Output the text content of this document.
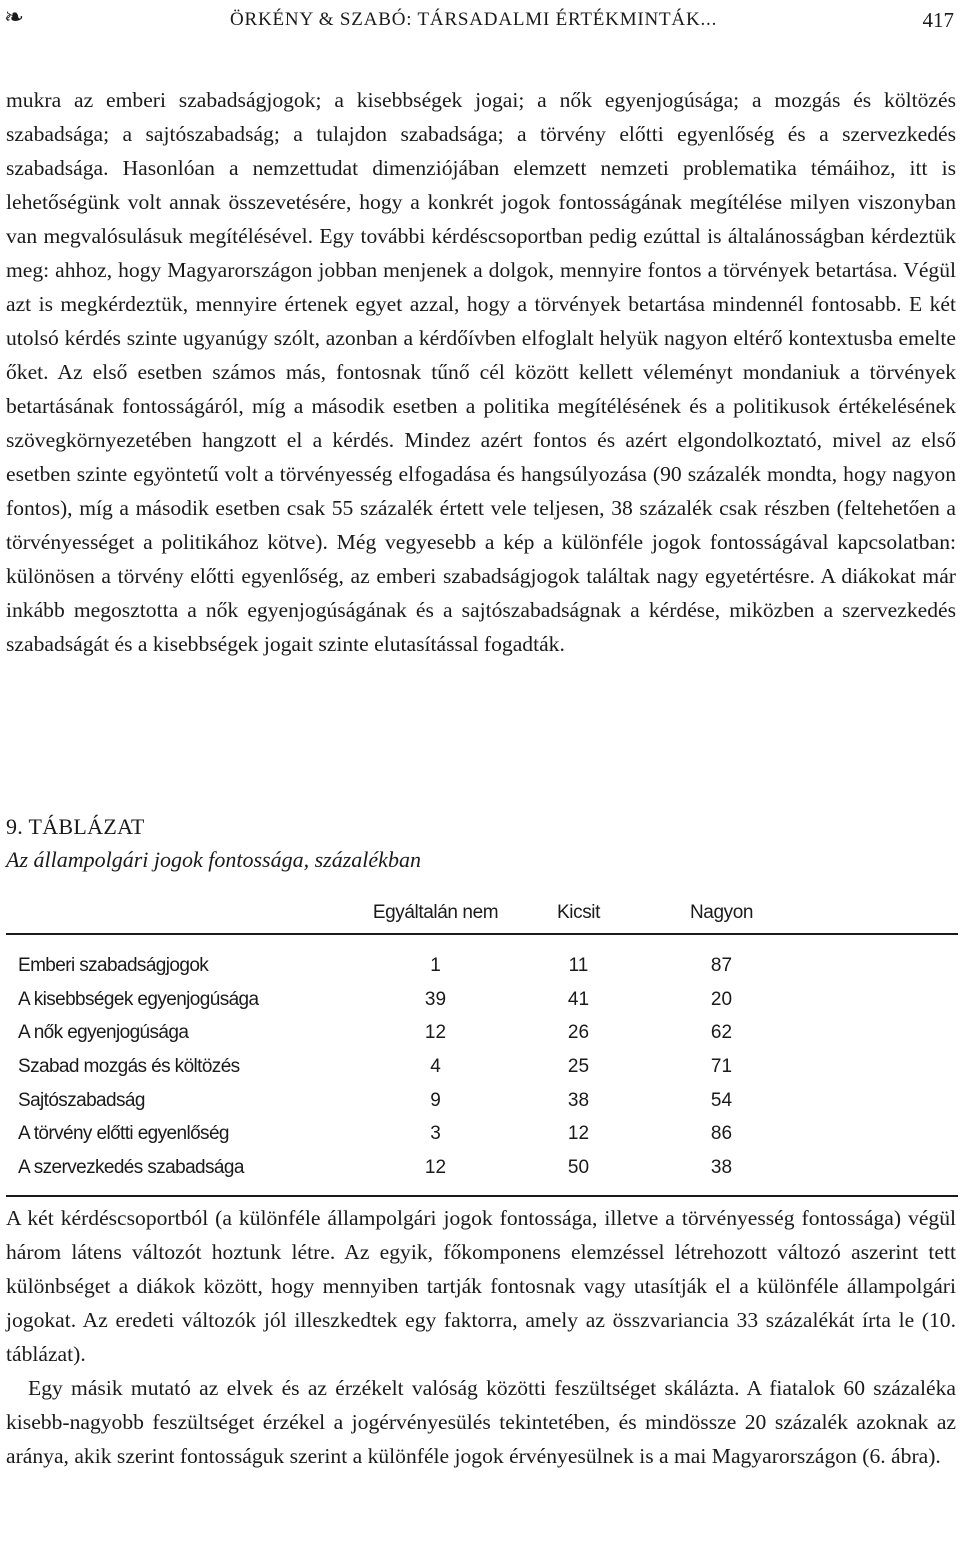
❧	ÖRKÉNY & SZABÓ: TÁRSADALMI ÉRTÉKMINTÁK...	417

mukra az emberi szabadságjogok; a kisebbségek jogai; a nők egyenjogúsága; a mozgás és költözés szabadsága; a sajtószabadság; a tulajdon szabadsága; a törvény előtti egyenlőség és a szervezkedés szabadsága. Hasonlóan a nemzettudat dimenziójában elemzett nemzeti problematika témáihoz, itt is lehetőségünk volt annak összevetésére, hogy a konkrét jogok fontosságának megítélése milyen viszonyban van megvalósulásuk megítélésével. Egy további kérdéscsoportban pedig ezúttal is általánosságban kérdeztük meg: ahhoz, hogy Magyarországon jobban menjenek a dolgok, mennyire fontos a törvények betartása. Végül azt is megkérdeztük, mennyire értenek egyet azzal, hogy a törvények betartása mindennél fontosabb. E két utolsó kérdés szinte ugyanúgy szólt, azonban a kérdőívben elfoglalt helyük nagyon eltérő kontextusba emelte őket. Az első esetben számos más, fontosnak tűnő cél között kellett véleményt mondaniuk a törvények betartásának fontosságáról, míg a második esetben a politika megítélésének és a politikusok értékelésének szövegkörnyezetében hangzott el a kérdés. Mindez azért fontos és azért elgondolkoztató, mivel az első esetben szinte egyöntetű volt a törvényesség elfogadása és hangsúlyozása (90 százalék mondta, hogy nagyon fontos), míg a második esetben csak 55 százalék értett vele teljesen, 38 százalék csak részben (feltehetően a törvényességet a politikához kötve). Még vegyesebb a kép a különféle jogok fontosságával kapcsolatban: különösen a törvény előtti egyenlőség, az emberi szabadságjogok találtak nagy egyetértésre. A diákokat már inkább megosztotta a nők egyenjogúságának és a sajtószabadságnak a kérdése, miközben a szervezkedés szabadságát és a kisebbségek jogait szinte elutasítással fogadták.

9. TÁBLÁZAT
Az állampolgári jogok fontossága, százalékban
	Egyáltalán nem	Kicsit	Nagyon	
Emberi szabadságjogok	1	11	87	
A kisebbségek egyenjogúsága	39	41	20	
A nők egyenjogúsága	12	26	62	
Szabad mozgás és költözés	4	25	71	
Sajtószabadság	9	38	54	
A törvény előtti egyenlőség	3	12	86	
A szervezkedés szabadsága	12	50	38	

A két kérdéscsoportból (a különféle állampolgári jogok fontossága, illetve a törvényesség fontossága) végül három látens változót hoztunk létre. Az egyik, főkomponens elemzéssel létrehozott változó aszerint tett különbséget a diákok között, hogy mennyiben tartják fontosnak vagy utasítják el a különféle állampolgári jogokat. Az eredeti változók jól illeszkedtek egy faktorra, amely az összvariancia 33 százalékát írta le (10. táblázat).

Egy másik mutató az elvek és az érzékelt valóság közötti feszültséget skálázta. A fiatalok 60 százaléka kisebb-nagyobb feszültséget érzékel a jogérvényesülés tekintetében, és mindössze 20 százalék azoknak az aránya, akik szerint fontosságuk szerint a különféle jogok érvényesülnek is a mai Magyarországon (6. ábra).
